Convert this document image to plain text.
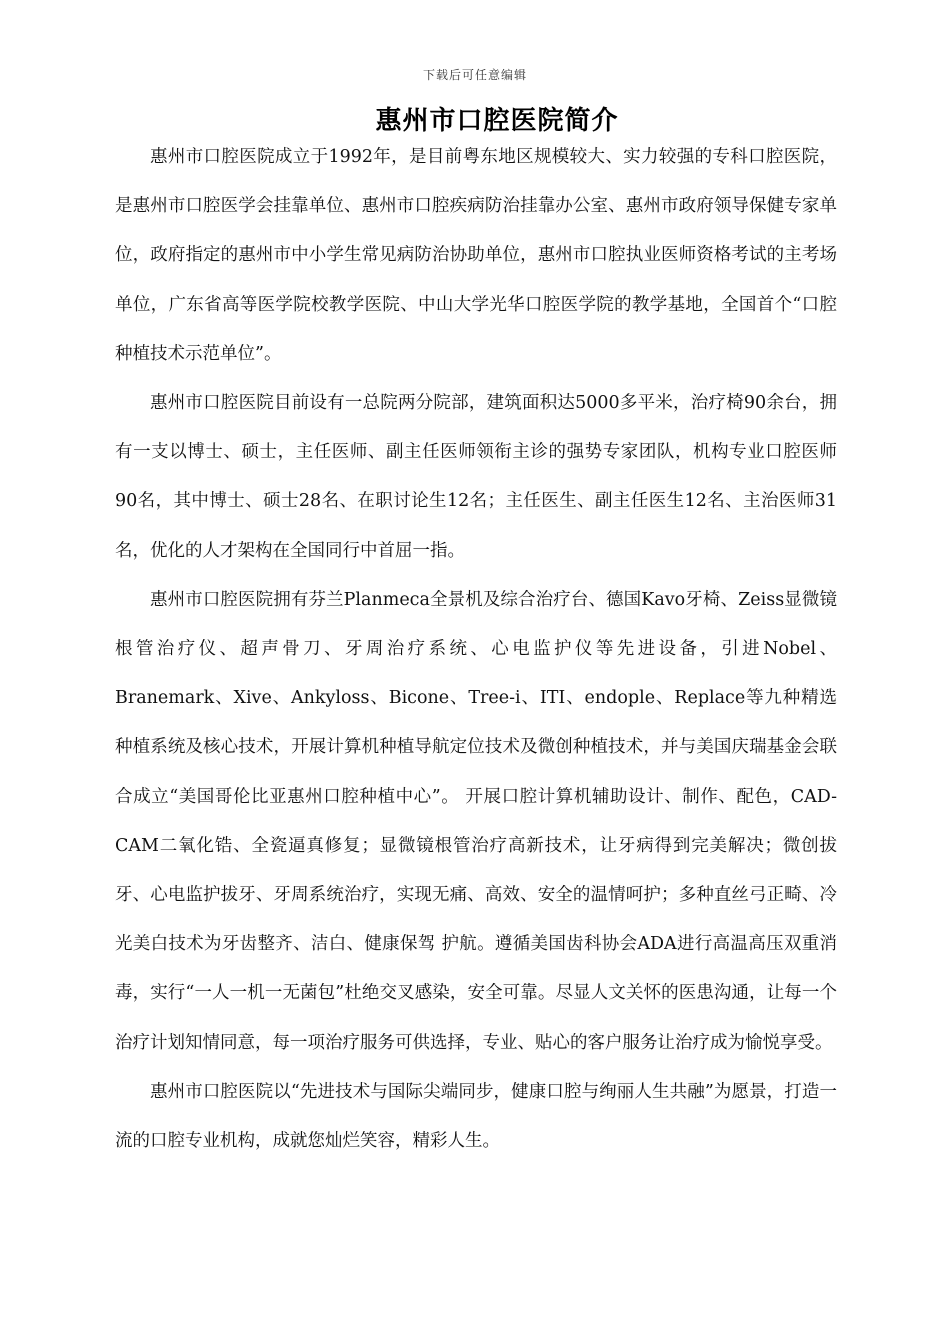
下载后可任意编辑
惠州市口腔医院简介

惠州市口腔医院成立于1992年，是目前粤东地区规模较大、实力较强的专科口腔医院，是惠州市口腔医学会挂靠单位、惠州市口腔疾病防治挂靠办公室、惠州市政府领导保健专家单位，政府指定的惠州市中小学生常见病防治协助单位，惠州市口腔执业医师资格考试的主考场单位，广东省高等医学院校教学医院、中山大学光华口腔医学院的教学基地，全国首个“口腔种植技术示范单位”。

惠州市口腔医院目前设有一总院两分院部，建筑面积达5000多平米，治疗椅90余台，拥有一支以博士、硕士，主任医师、副主任医师领衔主诊的强势专家团队，机构专业口腔医师90名，其中博士、硕士28名、在职讨论生12名；主任医生、副主任医生12名、主治医师31名，优化的人才架构在全国同行中首屈一指。

惠州市口腔医院拥有芬兰Planmeca全景机及综合治疗台、德国Kavo牙椅、Zeiss显微镜根管治疗仪、超声骨刀、牙周治疗系统、心电监护仪等先进设备，引进Nobel、Branemark、Xive、Ankyloss、Bicone、Tree-i、ITI、endople、Replace等九种精选种植系统及核心技术，开展计算机种植导航定位技术及微创种植技术，并与美国庆瑞基金会联合成立“美国哥伦比亚惠州口腔种植中心”。 开展口腔计算机辅助设计、制作、配色，CAD-CAM二氧化锆、全瓷逼真修复；显微镜根管治疗高新技术，让牙病得到完美解决；微创拔牙、心电监护拔牙、牙周系统治疗，实现无痛、高效、安全的温情呵护；多种直丝弓正畸、冷光美白技术为牙齿整齐、洁白、健康保驾 护航。遵循美国齿科协会ADA进行高温高压双重消毒，实行“一人一机一无菌包”杜绝交叉感染，安全可靠。尽显人文关怀的医患沟通，让每一个治疗计划知情同意，每一项治疗服务可供选择，专业、贴心的客户服务让治疗成为愉悦享受。

惠州市口腔医院以“先进技术与国际尖端同步，健康口腔与绚丽人生共融”为愿景，打造一流的口腔专业机构，成就您灿烂笑容，精彩人生。
